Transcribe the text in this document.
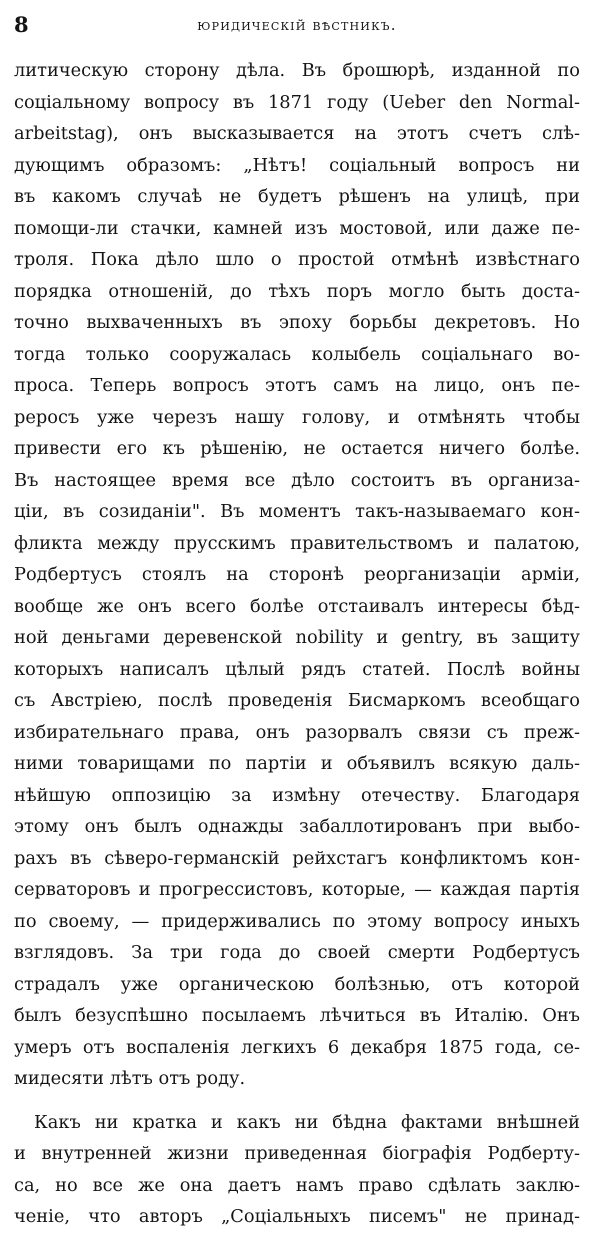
8	юридическій вѣстникъ.
литическую сторону дѣла. Въ брошюрѣ, изданной по
соціальному вопросу въ 1871 году (Ueber den Normal-
arbeitstag), онъ высказывается на этотъ счетъ слѣ-
дующимъ образомъ: „Нѣтъ! соціальный вопросъ ни
въ какомъ случаѣ не будетъ рѣшенъ на улицѣ, при
помощи-ли стачки, камней изъ мостовой, или даже пе-
троля. Пока дѣло шло о простой отмѣнѣ извѣстнаго
порядка отношеній, до тѣхъ поръ могло быть доста-
точно выхваченныхъ въ эпоху борьбы декретовъ. Но
тогда только сооружалась колыбель соціальнаго во-
проса. Теперь вопросъ этотъ самъ на лицо, онъ пе-
реросъ уже черезъ нашу голову, и отмѣнять чтобы
привести его къ рѣшенію, не остается ничего болѣе.
Въ настоящее время все дѣло состоитъ въ организа-
ціи, въ созиданіи". Въ моментъ такъ-называемаго кон-
фликта между прусскимъ правительствомъ и палатою,
Родбертусъ стоялъ на сторонѣ реорганизаціи арміи,
вообще же онъ всего болѣе отстаивалъ интересы бѣд-
ной деньгами деревенской nobility и gentry, въ защиту
которыхъ написалъ цѣлый рядъ статей. Послѣ войны
съ Австріею, послѣ проведенія Бисмаркомъ всеобщаго
избирательнаго права, онъ разорвалъ связи съ преж-
ними товарищами по партіи и объявилъ всякую даль-
нѣйшую оппозицію за измѣну отечеству. Благодаря
этому онъ былъ однажды забаллотированъ при выбо-
рахъ въ сѣверо-германскій рейхстагъ конфликтомъ кон-
серваторовъ и прогрессистовъ, которые, — каждая партія
по своему, — придерживались по этому вопросу иныхъ
взглядовъ. За три года до своей смерти Родбертусъ
страдалъ уже органическою болѣзнью, отъ которой
былъ безуспѣшно посылаемъ лѣчиться въ Италію. Онъ
умеръ отъ воспаленія легкихъ 6 декабря 1875 года, се-
мидесяти лѣтъ отъ роду.
Какъ ни кратка и какъ ни бѣдна фактами внѣшней
и внутренней жизни приведенная біографія Родберту-
са, но все же она даетъ намъ право сдѣлать заклю-
ченіе, что авторъ „Соціальныхъ писемъ" не принад-
